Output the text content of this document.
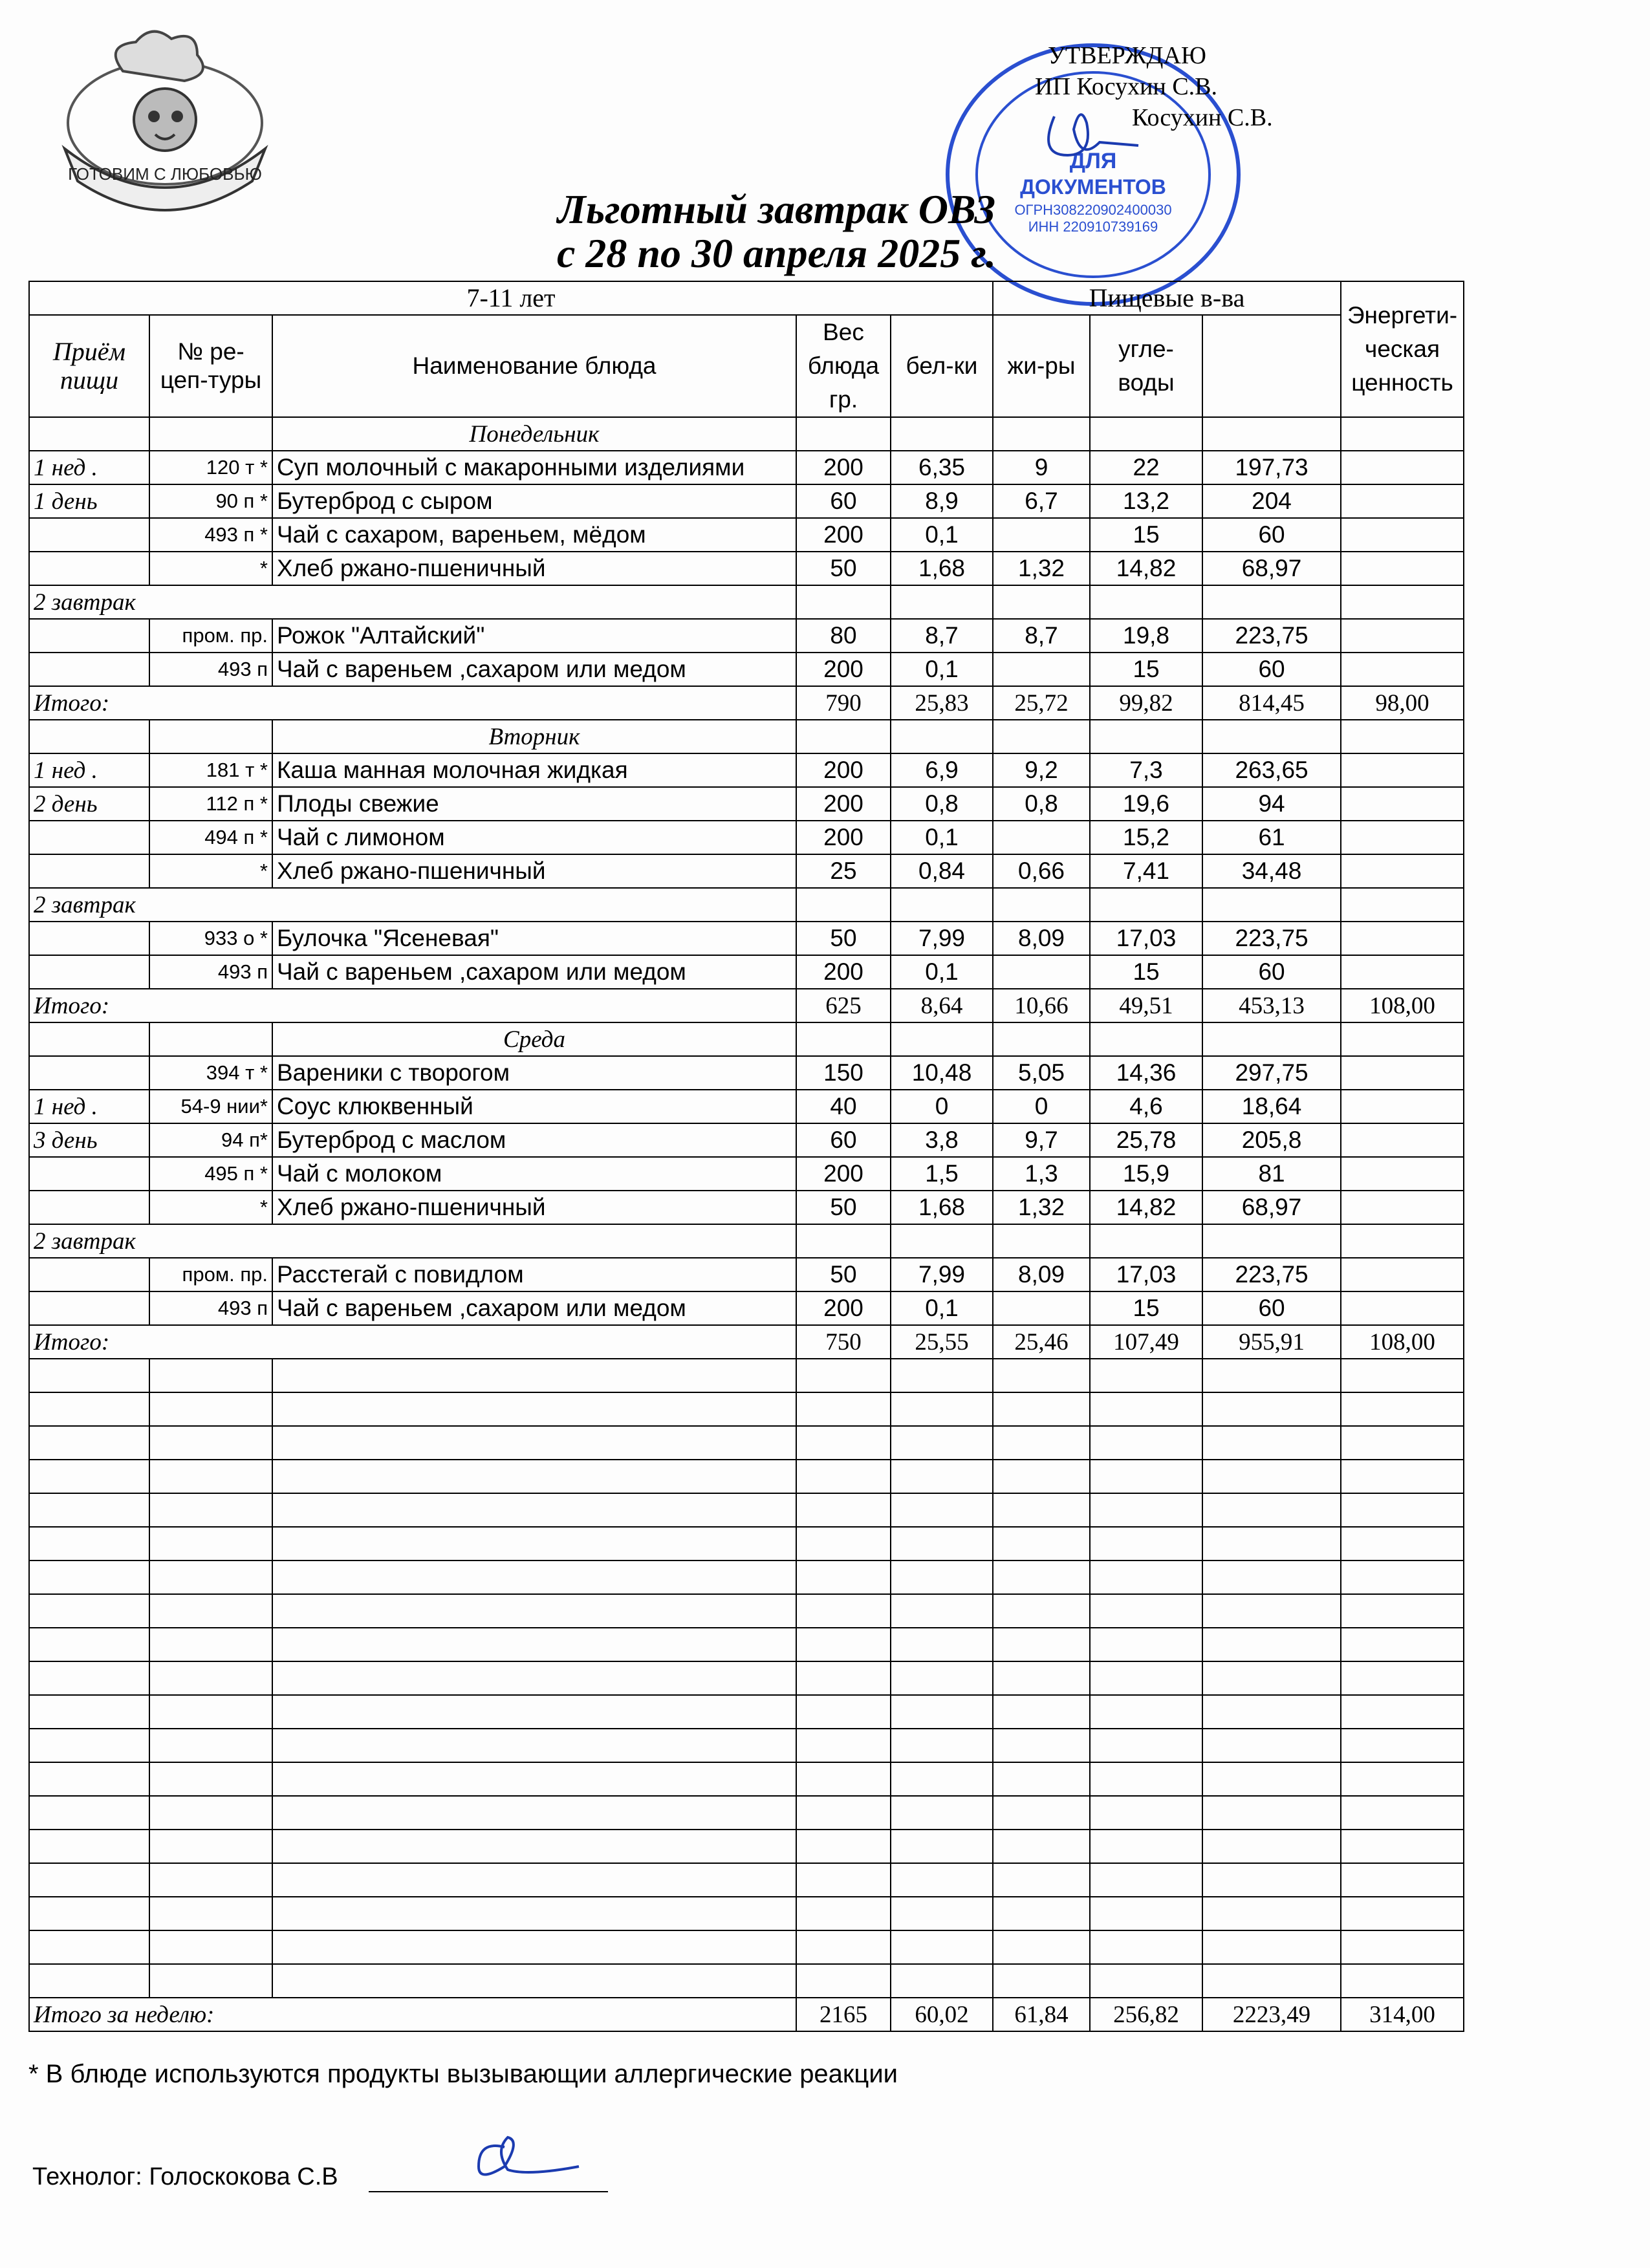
ГОТОВИМ С ЛЮБОВЬЮ
ДЛЯ
ДОКУМЕНТОВ
ОГРН308220902400030
ИНН 220910739169
УТВЕРЖДАЮ
ИП Косухин С.В.
Косухин С.В.
Льготный завтрак ОВЗ
с 28 по 30 апреля 2025 г.
7-11 лет					Пищевые в-ва			Энергети-ческая ценность	
Приём пищи	№ ре-цеп-туры	Наименование блюда	Вес блюда гр.	бел-ки	жи-ры	угле-воды			
		Понедельник							
1 нед .	120 т *	Суп молочный с макаронными изделиями	200	6,35	9	22	197,73		
1 день	90 п *	Бутерброд с сыром	60	8,9	6,7	13,2	204		
	493 п *	Чай с сахаром, вареньем, мёдом	200	0,1		15	60		
	*	Хлеб ржано-пшеничный	50	1,68	1,32	14,82	68,97		
2 завтрак									
	пром. пр.	Рожок "Алтайский"	80	8,7	8,7	19,8	223,75		
	493 п	Чай с вареньем ,сахаром или медом	200	0,1		15	60		
Итого:			790	25,83	25,72	99,82	814,45	98,00	
		Вторник							
1 нед .	181 т *	Каша манная молочная жидкая	200	6,9	9,2	7,3	263,65		
2 день	112 п *	Плоды свежие	200	0,8	0,8	19,6	94		
	494 п *	Чай с лимоном	200	0,1		15,2	61		
	*	Хлеб ржано-пшеничный	25	0,84	0,66	7,41	34,48		
2 завтрак									
	933 о *	Булочка "Ясеневая"	50	7,99	8,09	17,03	223,75		
	493 п	Чай с вареньем ,сахаром или медом	200	0,1		15	60		
Итого:			625	8,64	10,66	49,51	453,13	108,00	
		Среда							
	394 т *	Вареники с творогом	150	10,48	5,05	14,36	297,75		
1 нед .	54-9 нии*	Соус клюквенный	40	0	0	4,6	18,64		
3 день	94 п*	Бутерброд с маслом	60	3,8	9,7	25,78	205,8		
	495 п *	Чай с молоком	200	1,5	1,3	15,9	81		
	*	Хлеб ржано-пшеничный	50	1,68	1,32	14,82	68,97		
2 завтрак									
	пром. пр.	Расстегай с повидлом	50	7,99	8,09	17,03	223,75		
	493 п	Чай с вареньем ,сахаром или медом	200	0,1		15	60		
Итого:			750	25,55	25,46	107,49	955,91	108,00	

Итого за неделю:			2165	60,02	61,84	256,82	2223,49	314,00	
* В блюде используются продукты вызывающии аллергические реакции
Технолог: Голоскокова С.В
